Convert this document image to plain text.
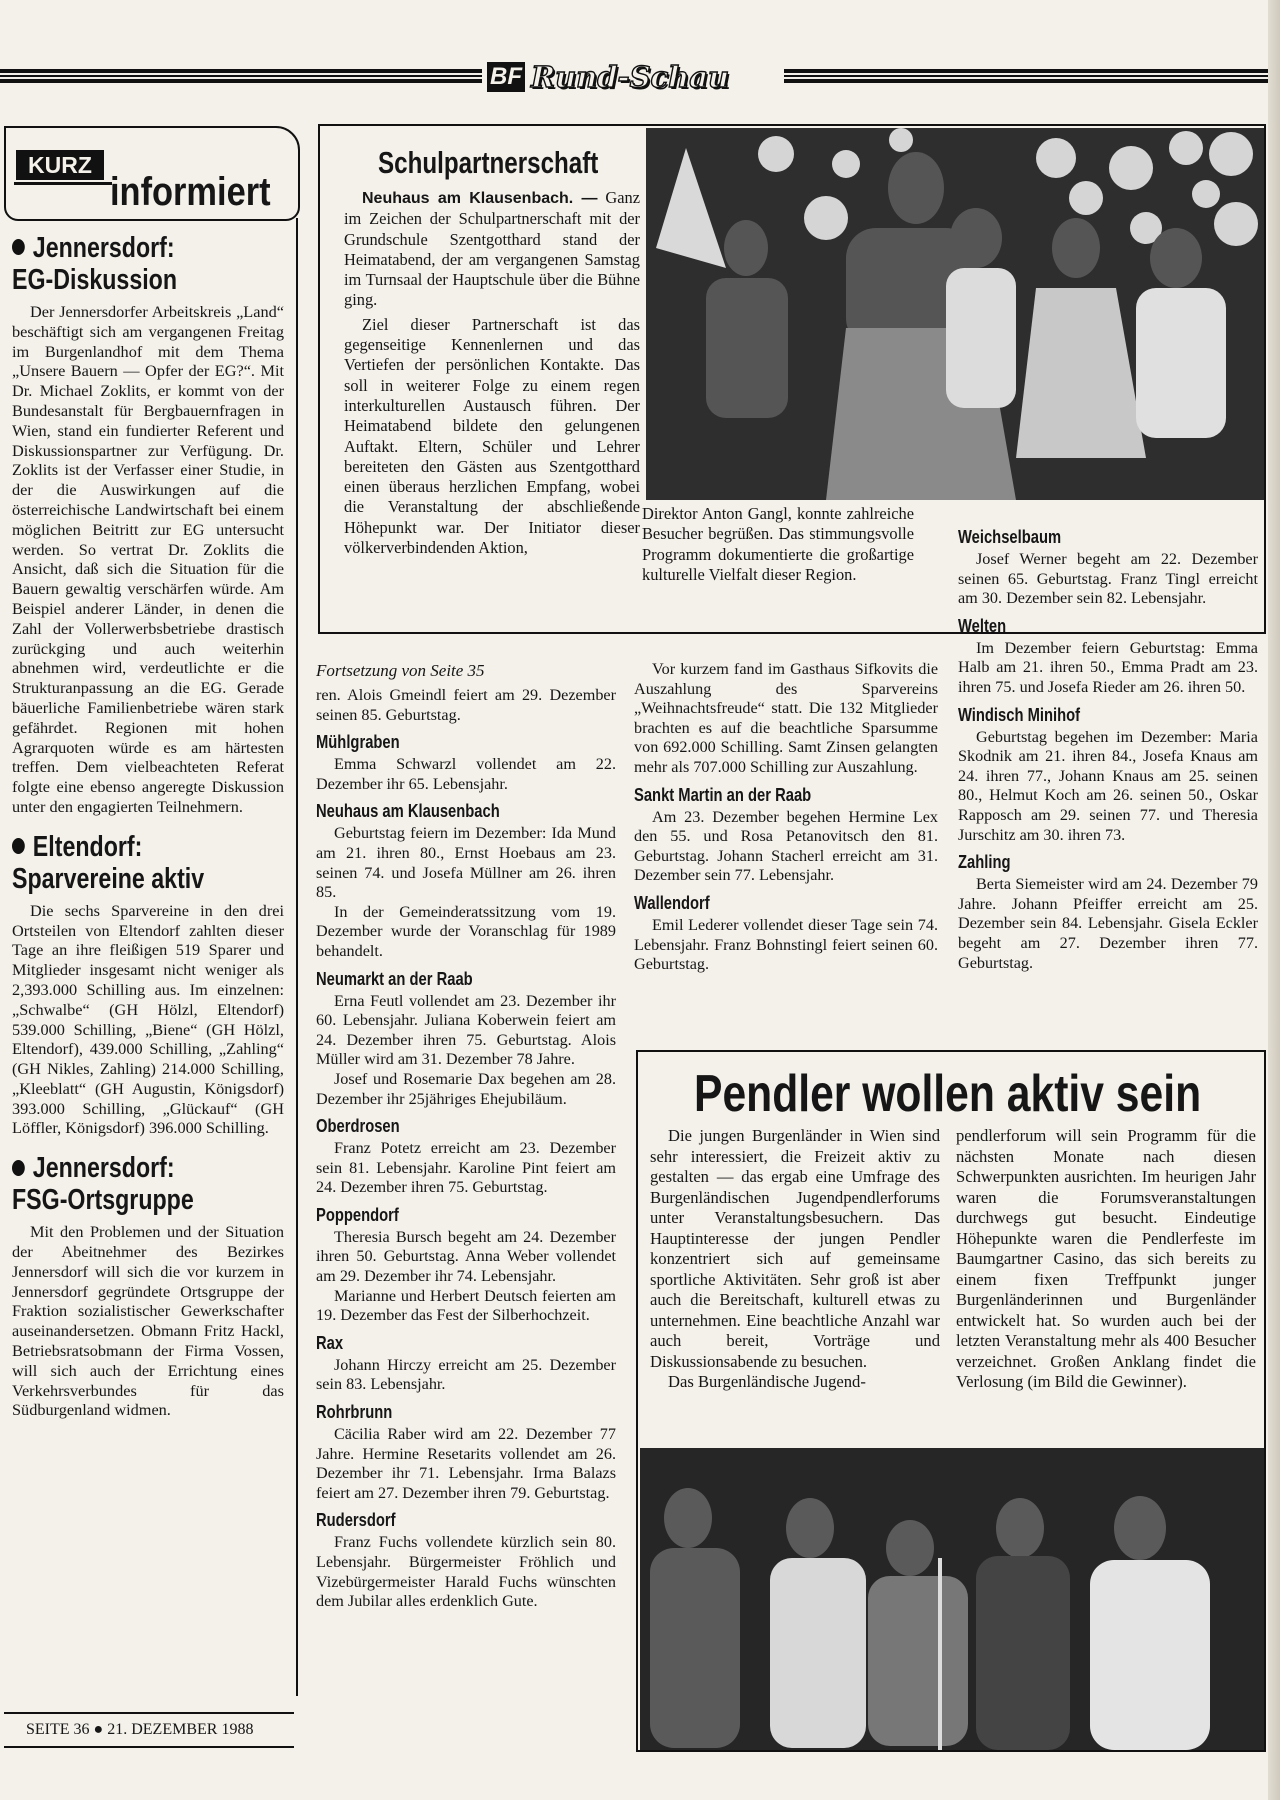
BF Rund-Schau
KURZ
informiert
Jennersdorf:
EG-Diskussion

Der Jennersdorfer Arbeitskreis „Land“ beschäftigt sich am vergangenen Freitag im Burgenlandhof mit dem Thema „Unsere Bauern — Opfer der EG?“. Mit Dr. Michael Zoklits, er kommt von der Bundesanstalt für Bergbauernfragen in Wien, stand ein fundierter Referent und Diskussionspartner zur Verfügung. Dr. Zoklits ist der Verfasser einer Studie, in der die Auswirkungen auf die österreichische Landwirtschaft bei einem möglichen Beitritt zur EG untersucht werden. So vertrat Dr. Zoklits die Ansicht, daß sich die Situation für die Bauern gewaltig verschärfen würde. Am Beispiel anderer Länder, in denen die Zahl der Vollerwerbsbetriebe drastisch zurückging und auch weiterhin abnehmen wird, verdeutlichte er die Strukturanpassung an die EG. Gerade bäuerliche Familienbetriebe wären stark gefährdet. Regionen mit hohen Agrarquoten würde es am härtesten treffen. Dem vielbeachteten Referat folgte eine ebenso angeregte Diskussion unter den engagierten Teilnehmern.

Eltendorf:
Sparvereine aktiv

Die sechs Sparvereine in den drei Ortsteilen von Eltendorf zahlten dieser Tage an ihre fleißigen 519 Sparer und Mitglieder insgesamt nicht weniger als 2,393.000 Schilling aus. Im einzelnen: „Schwalbe“ (GH Hölzl, Eltendorf) 539.000 Schilling, „Biene“ (GH Hölzl, Eltendorf), 439.000 Schilling, „Zahling“ (GH Nikles, Zahling) 214.000 Schilling, „Kleeblatt“ (GH Augustin, Königsdorf) 393.000 Schilling, „Glückauf“ (GH Löffler, Königsdorf) 396.000 Schilling.

Jennersdorf:
FSG-Ortsgruppe

Mit den Problemen und der Situation der Abeitnehmer des Bezirkes Jennersdorf will sich die vor kurzem in Jennersdorf gegründete Ortsgruppe der Fraktion sozialistischer Gewerkschafter auseinandersetzen. Obmann Fritz Hackl, Betriebsratsobmann der Firma Vossen, will sich auch der Errichtung eines Verkehrsverbundes für das Südburgenland widmen.

SEITE 36 ● 21. DEZEMBER 1988
Schulpartnerschaft

Neuhaus am Klausenbach. — Ganz im Zeichen der Schulpartnerschaft mit der Grundschule Szentgotthard stand der Heimatabend, der am vergangenen Samstag im Turnsaal der Hauptschule über die Bühne ging.

Ziel dieser Partnerschaft ist das gegenseitige Kennenlernen und das Vertiefen der persönlichen Kontakte. Das soll in weiterer Folge zu einem regen interkulturellen Austausch führen. Der Heimatabend bildete den gelungenen Auftakt. Eltern, Schüler und Lehrer bereiteten den Gästen aus Szentgotthard einen überaus herzlichen Empfang, wobei die Veranstaltung der abschließende Höhepunkt war. Der Initiator dieser völkerverbindenden Aktion,

Direktor Anton Gangl, konnte zahlreiche Besucher begrüßen. Das stimmungsvolle Programm dokumentierte die großartige kulturelle Vielfalt dieser Region.

Fortsetzung von Seite 35

ren. Alois Gmeindl feiert am 29. Dezember seinen 85. Geburtstag.

Mühlgraben

Emma Schwarzl vollendet am 22. Dezember ihr 65. Lebensjahr.

Neuhaus am Klausenbach

Geburtstag feiern im Dezember: Ida Mund am 21. ihren 80., Ernst Hoebaus am 23. seinen 74. und Josefa Müllner am 26. ihren 85.

In der Gemeinderatssitzung vom 19. Dezember wurde der Voranschlag für 1989 behandelt.

Neumarkt an der Raab

Erna Feutl vollendet am 23. Dezember ihr 60. Lebensjahr. Juliana Koberwein feiert am 24. Dezember ihren 75. Geburtstag. Alois Müller wird am 31. Dezember 78 Jahre.

Josef und Rosemarie Dax begehen am 28. Dezember ihr 25jähriges Ehejubiläum.

Oberdrosen

Franz Potetz erreicht am 23. Dezember sein 81. Lebensjahr. Karoline Pint feiert am 24. Dezember ihren 75. Geburtstag.

Poppendorf

Theresia Bursch begeht am 24. Dezember ihren 50. Geburtstag. Anna Weber vollendet am 29. Dezember ihr 74. Lebensjahr.

Marianne und Herbert Deutsch feierten am 19. Dezember das Fest der Silberhochzeit.

Rax

Johann Hirczy erreicht am 25. Dezember sein 83. Lebensjahr.

Rohrbrunn

Cäcilia Raber wird am 22. Dezember 77 Jahre. Hermine Resetarits vollendet am 26. Dezember ihr 71. Lebensjahr. Irma Balazs feiert am 27. Dezember ihren 79. Geburtstag.

Rudersdorf

Franz Fuchs vollendete kürzlich sein 80. Lebensjahr. Bürgermeister Fröhlich und Vizebürgermeister Harald Fuchs wünschten dem Jubilar alles erdenklich Gute.

Vor kurzem fand im Gasthaus Sifkovits die Auszahlung des Sparvereins „Weihnachtsfreude“ statt. Die 132 Mitglieder brachten es auf die beachtliche Sparsumme von 692.000 Schilling. Samt Zinsen gelangten mehr als 707.000 Schilling zur Auszahlung.

Sankt Martin an der Raab

Am 23. Dezember begehen Hermine Lex den 55. und Rosa Petanovitsch den 81. Geburtstag. Johann Stacherl erreicht am 31. Dezember sein 77. Lebensjahr.

Wallendorf

Emil Lederer vollendet dieser Tage sein 74. Lebensjahr. Franz Bohnstingl feiert seinen 60. Geburtstag.

Weichselbaum

Josef Werner begeht am 22. Dezember seinen 65. Geburtstag. Franz Tingl erreicht am 30. Dezember sein 82. Lebensjahr.

Welten

Im Dezember feiern Geburtstag: Emma Halb am 21. ihren 50., Emma Pradt am 23. ihren 75. und Josefa Rieder am 26. ihren 50.

Windisch Minihof

Geburtstag begehen im Dezember: Maria Skodnik am 21. ihren 84., Josefa Knaus am 24. ihren 77., Johann Knaus am 25. seinen 80., Helmut Koch am 26. seinen 50., Oskar Rapposch am 29. seinen 77. und Theresia Jurschitz am 30. ihren 73.

Zahling

Berta Siemeister wird am 24. Dezember 79 Jahre. Johann Pfeiffer erreicht am 25. Dezember sein 84. Lebensjahr. Gisela Eckler begeht am 27. Dezember ihren 77. Geburtstag.

Pendler wollen aktiv sein

Die jungen Burgenländer in Wien sind sehr interessiert, die Freizeit aktiv zu gestalten — das ergab eine Umfrage des Burgenländischen Jugendpendlerforums unter Veranstaltungsbesuchern. Das Hauptinteresse der jungen Pendler konzentriert sich auf gemeinsame sportliche Aktivitäten. Sehr groß ist aber auch die Bereitschaft, kulturell etwas zu unternehmen. Eine beachtliche Anzahl war auch bereit, Vorträge und Diskussionsabende zu besuchen.

Das Burgenländische Jugend-

pendlerforum will sein Programm für die nächsten Monate nach diesen Schwerpunkten ausrichten. Im heurigen Jahr waren die Forumsveranstaltungen durchwegs gut besucht. Eindeutige Höhepunkte waren die Pendlerfeste im Baumgartner Casino, das sich bereits zu einem fixen Treffpunkt junger Burgenländerinnen und Burgenländer entwickelt hat. So wurden auch bei der letzten Veranstaltung mehr als 400 Besucher verzeichnet. Großen Anklang findet die Verlosung (im Bild die Gewinner).
